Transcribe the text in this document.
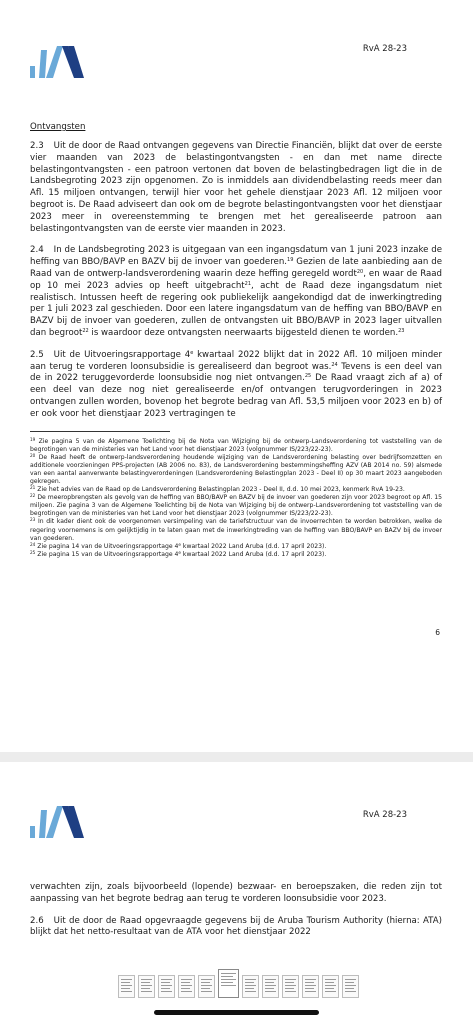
RvA 28-23
Ontvangsten

2.3 Uit de door de Raad ontvangen gegevens van Directie Financiën, blijkt dat over de eerste vier maanden van 2023 de belastingontvangsten - en dan met name directe belastingontvangsten - een patroon vertonen dat boven de belastingbedragen ligt die in de Landsbegroting 2023 zijn opgenomen. Zo is inmiddels aan dividendbelasting reeds meer dan Afl. 15 miljoen ontvangen, terwijl hier voor het gehele dienstjaar 2023 Afl. 12 miljoen voor begroot is. De Raad adviseert dan ook om de begrote belastingontvangsten voor het dienstjaar 2023 meer in overeenstemming te brengen met het gerealiseerde patroon aan belastingontvangsten van de eerste vier maanden in 2023.

2.4 In de Landsbegroting 2023 is uitgegaan van een ingangsdatum van 1 juni 2023 inzake de heffing van BBO/BAVP en BAZV bij de invoer van goederen.$^{19}$ Gezien de late aanbieding aan de Raad van de ontwerp-landsverordening waarin deze heffing geregeld wordt$^{20}$, en waar de Raad op 10 mei 2023 advies op heeft uitgebracht$^{21}$, acht de Raad deze ingangsdatum niet realistisch. Intussen heeft de regering ook publiekelijk aangekondigd dat de inwerkingtreding per 1 juli 2023 zal geschieden. Door een latere ingangsdatum van de heffing van BBO/BAVP en BAZV bij de invoer van goederen, zullen de ontvangsten uit BBO/BAVP in 2023 lager uitvallen dan begroot$^{22}$ is waardoor deze ontvangsten neerwaarts bijgesteld dienen te worden.$^{23}$

2.5 Uit de Uitvoeringsrapportage 4e kwartaal 2022 blijkt dat in 2022 Afl. 10 miljoen minder aan terug te vorderen loonsubsidie is gerealiseerd dan begroot was.$^{24}$ Tevens is een deel van de in 2022 teruggevorderde loonsubsidie nog niet ontvangen.$^{25}$ De Raad vraagt zich af a) of een deel van deze nog niet gerealiseerde en/of ontvangen terugvorderingen in 2023 ontvangen zullen worden, bovenop het begrote bedrag van Afl. 53,5 miljoen voor 2023 en b) of er ook voor het dienstjaar 2023 vertragingen te

$^{19}$ Zie pagina 5 van de Algemene Toelichting bij de Nota van Wijziging bij de ontwerp-Landsverordening tot vaststelling van de begrotingen van de ministeries van het Land voor het dienstjaar 2023 (volgnummer IS/223/22-23).

$^{20}$ De Raad heeft de ontwerp-landsverordening houdende wijziging van de Landsverordening belasting over bedrijfsomzetten en additionele voorzieningen PPS-projecten (AB 2006 no. 83), de Landsverordening bestemmingsheffing AZV (AB 2014 no. 59) alsmede van een aantal aanverwante belastingverordeningen (Landsverordening Belastingplan 2023 - Deel II) op 30 maart 2023 aangeboden gekregen.

$^{21}$ Zie het advies van de Raad op de Landsverordening Belastingplan 2023 - Deel II, d.d. 10 mei 2023, kenmerk RvA 19-23.

$^{22}$ De meeropbrengsten als gevolg van de heffing van BBO/BAVP en BAZV bij de invoer van goederen zijn voor 2023 begroot op Afl. 15 miljoen. Zie pagina 3 van de Algemene Toelichting bij de Nota van Wijziging bij de ontwerp-Landsverordening tot vaststelling van de begrotingen van de ministeries van het Land voor het dienstjaar 2023 (volgnummer IS/223/22-23).

$^{23}$ In dit kader dient ook de voorgenomen versimpeling van de tariefstructuur van de invoerrechten te worden betrokken, welke de regering voornemens is om gelijktijdig in te laten gaan met de inwerkingtreding van de heffing van BBO/BAVP en BAZV bij de invoer van goederen.

$^{24}$ Zie pagina 14 van de Uitvoeringsrapportage 4e kwartaal 2022 Land Aruba (d.d. 17 april 2023).

$^{25}$ Zie pagina 15 van de Uitvoeringsrapportage 4e kwartaal 2022 Land Aruba (d.d. 17 april 2023).

6
RvA 28-23

verwachten zijn, zoals bijvoorbeeld (lopende) bezwaar- en beroepszaken, die reden zijn tot aanpassing van het begrote bedrag aan terug te vorderen loonsubsidie voor 2023.

2.6 Uit de door de Raad opgevraagde gegevens bij de Aruba Tourism Authority (hierna: ATA) blijkt dat het netto-resultaat van de ATA voor het dienstjaar 2022
